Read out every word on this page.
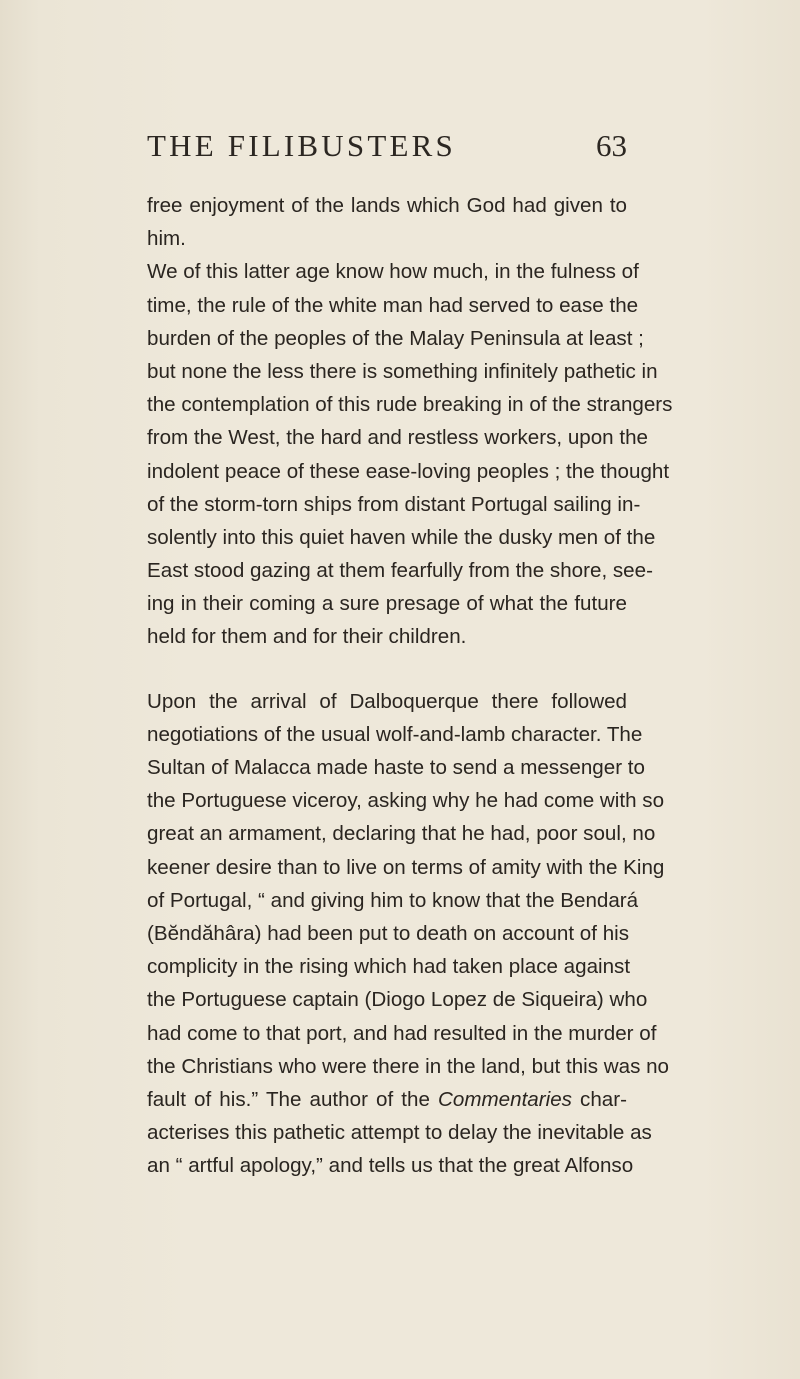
THE FILIBUSTERS	63
free enjoyment of the lands which God had given to
him.
We of this latter age know how much, in the fulness of
time, the rule of the white man had served to ease the
burden of the peoples of the Malay Peninsula at least ;
but none the less there is something infinitely pathetic in
the contemplation of this rude breaking in of the strangers
from the West, the hard and restless workers, upon the
indolent peace of these ease-loving peoples ; the thought
of the storm-torn ships from distant Portugal sailing in-
solently into this quiet haven while the dusky men of the
East stood gazing at them fearfully from the shore, see-
ing in their coming a sure presage of what the future
held for them and for their children.
Upon the arrival of Dalboquerque there followed
negotiations of the usual wolf-and-lamb character. The
Sultan of Malacca made haste to send a messenger to
the Portuguese viceroy, asking why he had come with so
great an armament, declaring that he had, poor soul, no
keener desire than to live on terms of amity with the King
of Portugal, “ and giving him to know that the Bendará
(Bĕndăhâra) had been put to death on account of his
complicity in the rising which had taken place against
the Portuguese captain (Diogo Lopez de Siqueira) who
had come to that port, and had resulted in the murder of
the Christians who were there in the land, but this was no
fault of his.” The author of the Commentaries char-
acterises this pathetic attempt to delay the inevitable as
an “ artful apology,” and tells us that the great Alfonso
